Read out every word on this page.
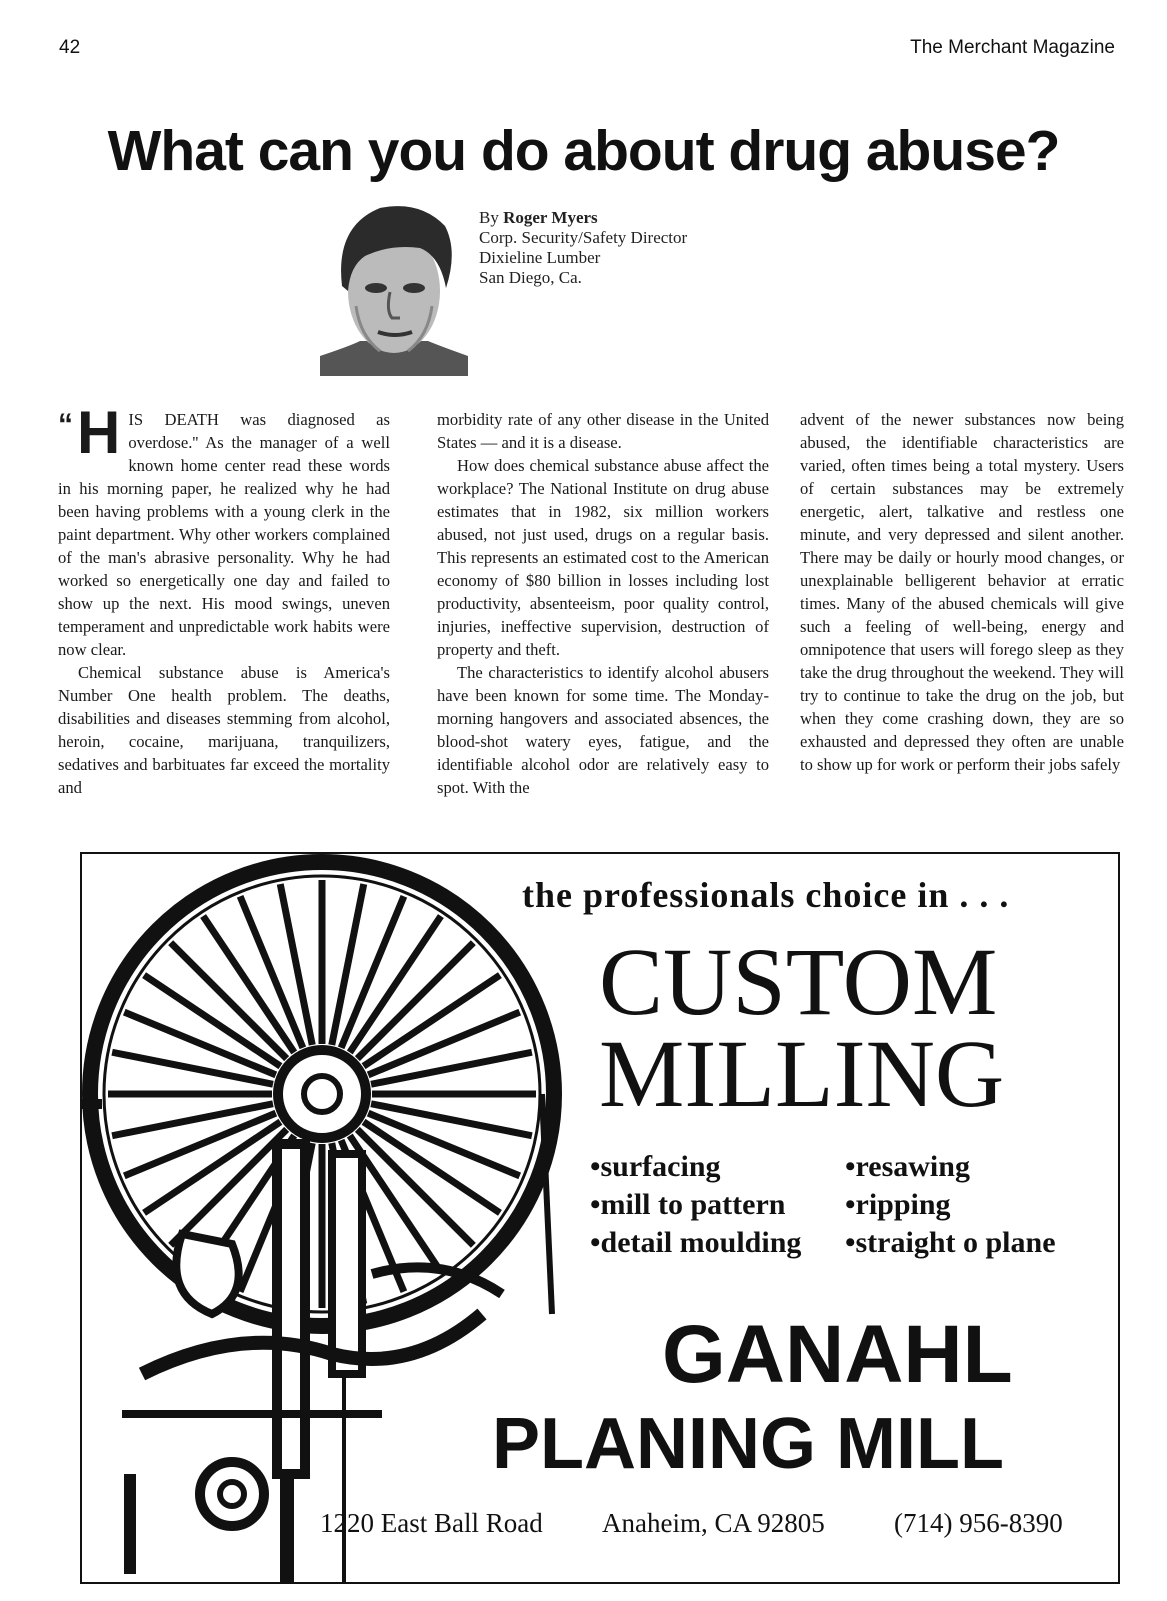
42	The Merchant Magazine
What can you do about drug abuse?
By Roger Myers
Corp. Security/Safety Director
Dixieline Lumber
San Diego, Ca.

“ H IS DEATH was diagnosed as overdose.'' As the manager of a well known home center read these words in his morning paper, he realized why he had been having problems with a young clerk in the paint department. Why other workers complained of the man's abrasive personality. Why he had worked so energetically one day and failed to show up the next. His mood swings, uneven temperament and unpredictable work habits were now clear.

Chemical substance abuse is America's Number One health problem. The deaths, disabilities and diseases stemming from alcohol, heroin, cocaine, marijuana, tranquilizers, sedatives and barbituates far exceed the mortality and

morbidity rate of any other disease in the United States — and it is a disease.

How does chemical substance abuse affect the workplace? The National Institute on drug abuse estimates that in 1982, six million workers abused, not just used, drugs on a regular basis. This represents an estimated cost to the American economy of $80 billion in losses including lost productivity, absenteeism, poor quality control, injuries, ineffective supervision, destruction of property and theft.

The characteristics to identify alcohol abusers have been known for some time. The Monday-morning hangovers and associated absences, the blood-shot watery eyes, fatigue, and the identifiable alcohol odor are relatively easy to spot. With the

advent of the newer substances now being abused, the identifiable characteristics are varied, often times being a total mystery. Users of certain substances may be extremely energetic, alert, talkative and restless one minute, and very depressed and silent another. There may be daily or hourly mood changes, or unexplainable belligerent behavior at erratic times. Many of the abused chemicals will give such a feeling of well-being, energy and omnipotence that users will forego sleep as they take the drug throughout the weekend. They will try to continue to take the drug on the job, but when they come crashing down, they are so exhausted and depressed they often are unable to show up for work or perform their jobs safely

the professionals choice in . . .
CUSTOM
MILLING
•surfacing
•mill to pattern
•detail moulding
•resawing
•ripping
•straight o plane
GANAHL
PLANING MILL
1220 East Ball Road Anaheim, CA 92805	(714) 956-8390
